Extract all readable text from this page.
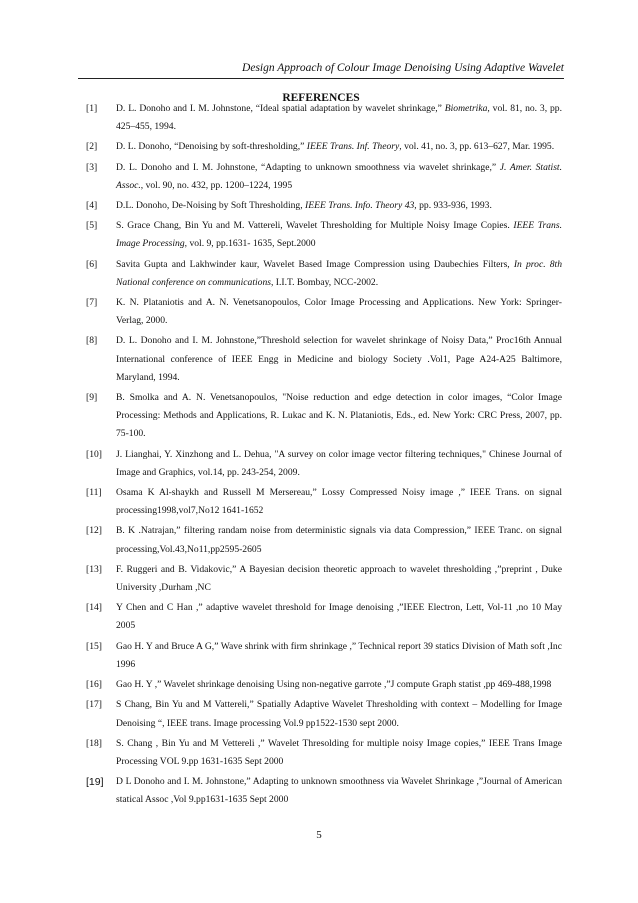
Design Approach of Colour Image Denoising Using Adaptive Wavelet
REFERENCES
[1] D. L. Donoho and I. M. Johnstone, “Ideal spatial adaptation by wavelet shrinkage,” Biometrika, vol. 81, no. 3, pp. 425–455, 1994.
[2] D. L. Donoho, “Denoising by soft-thresholding,” IEEE Trans. Inf. Theory, vol. 41, no. 3, pp. 613–627, Mar. 1995.
[3] D. L. Donoho and I. M. Johnstone, “Adapting to unknown smoothness via wavelet shrinkage,” J. Amer. Statist. Assoc., vol. 90, no. 432, pp. 1200–1224, 1995
[4] D.L. Donoho, De-Noising by Soft Thresholding, IEEE Trans. Info. Theory 43, pp. 933-936, 1993.
[5] S. Grace Chang, Bin Yu and M. Vattereli, Wavelet Thresholding for Multiple Noisy Image Copies. IEEE Trans. Image Processing, vol. 9, pp.1631- 1635, Sept.2000
[6] Savita Gupta and Lakhwinder kaur, Wavelet Based Image Compression using Daubechies Filters, In proc. 8th National conference on communications, I.I.T. Bombay, NCC-2002.
[7] K. N. Plataniotis and A. N. Venetsanopoulos, Color Image Processing and Applications. New York: Springer-Verlag, 2000.
[8] D. L. Donoho and I. M. Johnstone,”Threshold selection for wavelet shrinkage of Noisy Data,” Proc16th Annual International conference of IEEE Engg in Medicine and biology Society .Vol1, Page A24-A25 Baltimore, Maryland, 1994.
[9] B. Smolka and A. N. Venetsanopoulos, "Noise reduction and edge detection in color images, “Color Image Processing: Methods and Applications, R. Lukac and K. N. Plataniotis, Eds., ed. New York: CRC Press, 2007, pp. 75-100.
[10] J. Lianghai, Y. Xinzhong and L. Dehua, "A survey on color image vector filtering techniques," Chinese Journal of Image and Graphics, vol.14, pp. 243-254, 2009.
[11] Osama K Al-shaykh and Russell M Mersereau,” Lossy Compressed Noisy image ,” IEEE Trans. on signal processing1998,vol7,No12 1641-1652
[12] B. K .Natrajan,” filtering randam noise from deterministic signals via data Compression,” IEEE Tranc. on signal processing,Vol.43,No11,pp2595-2605
[13] F. Ruggeri and B. Vidakovic,” A Bayesian decision theoretic approach to wavelet thresholding ,”preprint , Duke University ,Durham ,NC
[14] Y Chen and C Han ,” adaptive wavelet threshold for Image denoising ,”IEEE Electron, Lett, Vol-11 ,no 10 May 2005
[15] Gao H. Y and Bruce A G,” Wave shrink with firm shrinkage ,” Technical report 39 statics Division of Math soft ,Inc 1996
[16] Gao H. Y ,” Wavelet shrinkage denoising Using non-negative garrote ,”J compute Graph statist ,pp 469-488,1998
[17] S Chang, Bin Yu and M Vattereli,” Spatially Adaptive Wavelet Thresholding with context – Modelling for Image Denoising “, IEEE trans. Image processing Vol.9 pp1522-1530 sept 2000.
[18] S. Chang , Bin Yu and M Vettereli ,” Wavelet Thresolding for multiple noisy Image copies,” IEEE Trans Image Processing VOL 9.pp 1631-1635 Sept 2000
[19] D L Donoho and I. M. Johnstone,” Adapting to unknown smoothness via Wavelet Shrinkage ,”Journal of American statical Assoc ,Vol 9.pp1631-1635 Sept 2000
5
